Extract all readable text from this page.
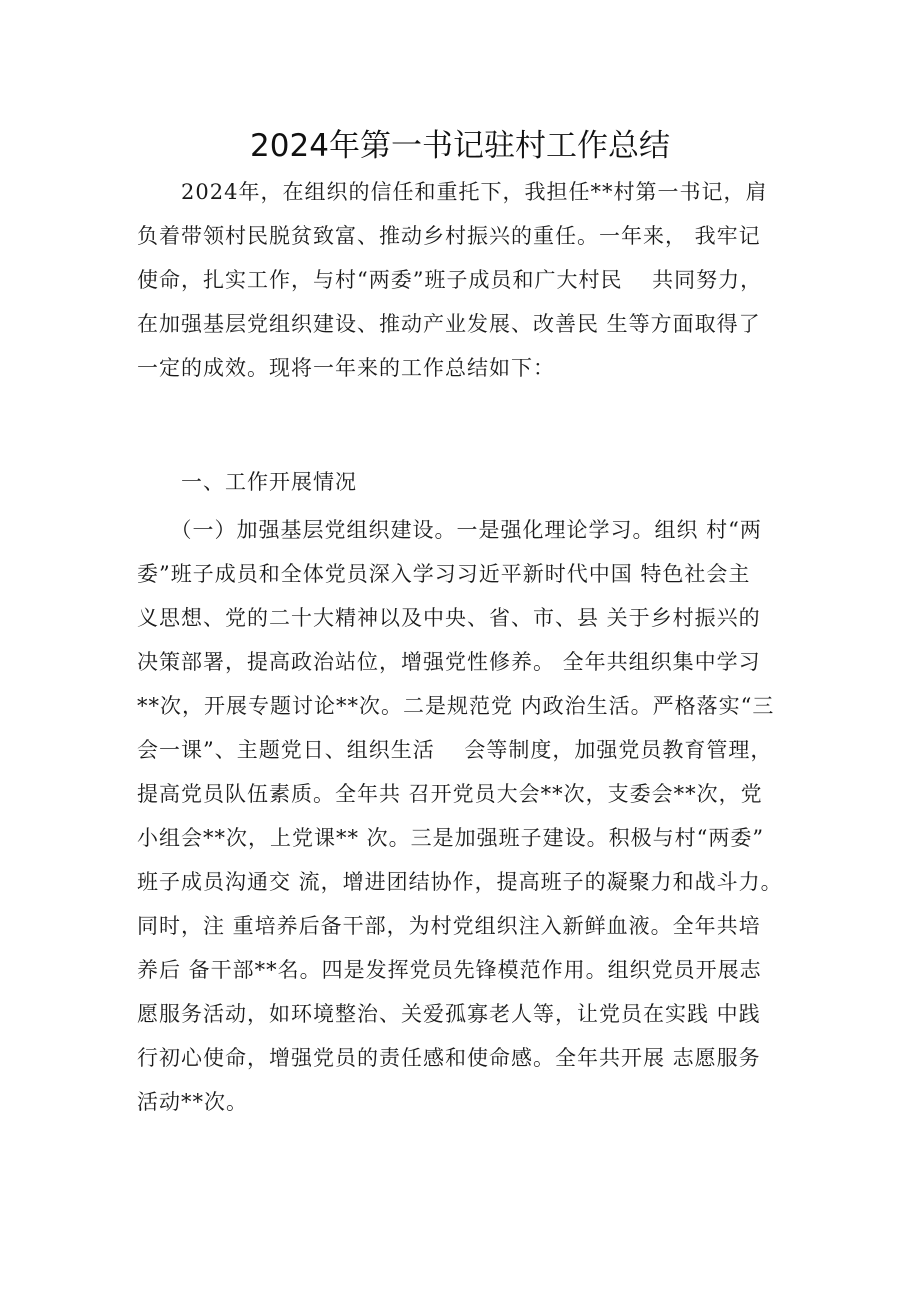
2024年第一书记驻村工作总结
　　2024年，在组织的信任和重托下，我担任**村第一书记，肩
负着带领村民脱贫致富、推动乡村振兴的重任。一年来， 我牢记
使命，扎实工作，与村“两委”班子成员和广大村民　 共同努力，
在加强基层党组织建设、推动产业发展、改善民 生等方面取得了
一定的成效。现将一年来的工作总结如下：
　　一、工作开展情况
　　（一）加强基层党组织建设。一是强化理论学习。组织 村“两
委”班子成员和全体党员深入学习习近平新时代中国 特色社会主
义思想、党的二十大精神以及中央、省、市、县 关于乡村振兴的
决策部署，提高政治站位，增强党性修养。 全年共组织集中学习
**次，开展专题讨论**次。二是规范党 内政治生活。严格落实“三
会一课”、主题党日、组织生活　 会等制度，加强党员教育管理，
提高党员队伍素质。全年共 召开党员大会**次，支委会**次，党
小组会**次，上党课** 次。三是加强班子建设。积极与村“两委”
班子成员沟通交 流，增进团结协作，提高班子的凝聚力和战斗力。
同时，注 重培养后备干部，为村党组织注入新鲜血液。全年共培
养后 备干部**名。四是发挥党员先锋模范作用。组织党员开展志
愿服务活动，如环境整治、关爱孤寡老人等，让党员在实践 中践
行初心使命，增强党员的责任感和使命感。全年共开展 志愿服务
活动**次。
